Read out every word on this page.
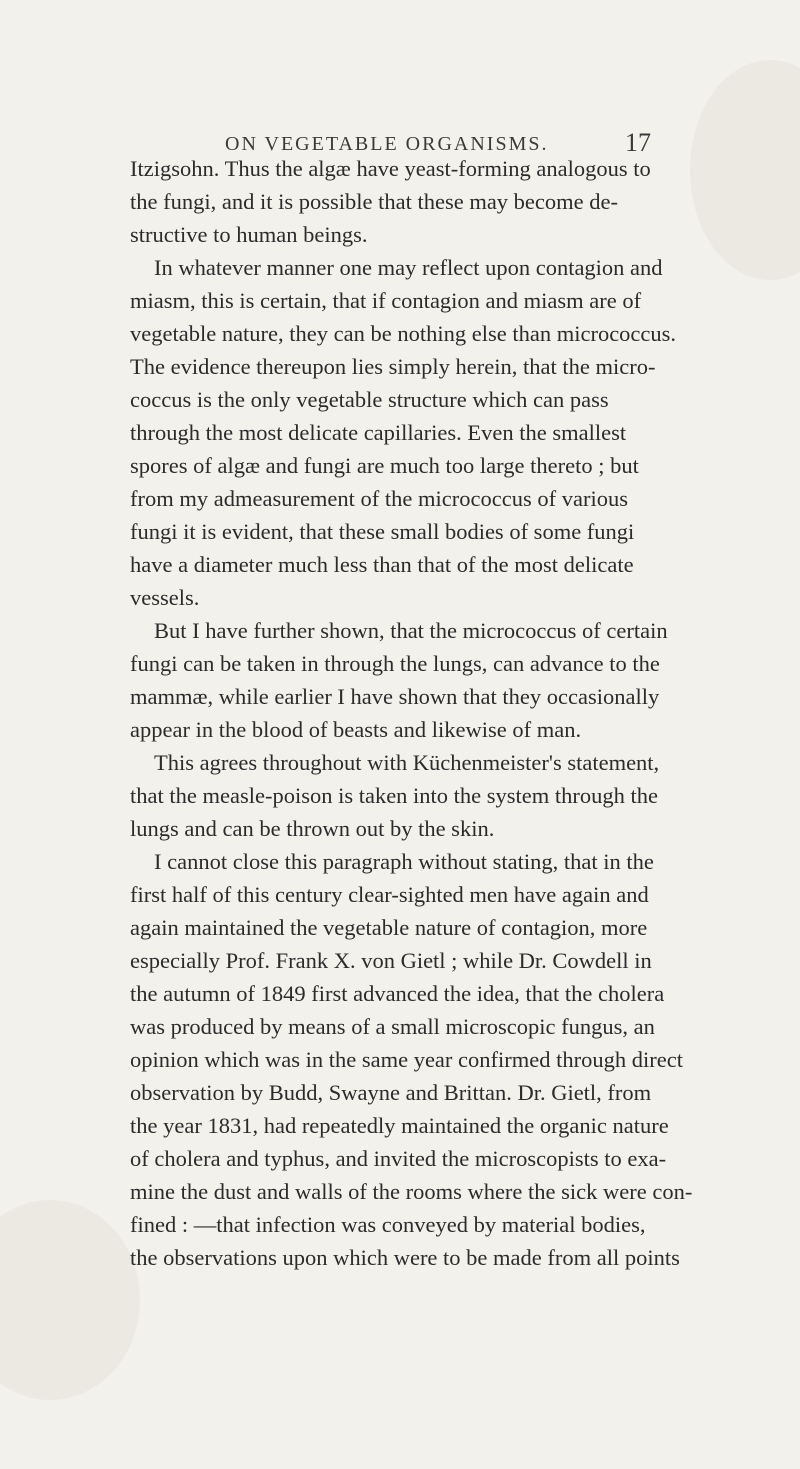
ON VEGETABLE ORGANISMS.	17
Itzigsohn. Thus the algæ have yeast-forming analogous to
the fungi, and it is possible that these may become de-
structive to human beings.
In whatever manner one may reflect upon contagion and
miasm, this is certain, that if contagion and miasm are of
vegetable nature, they can be nothing else than micrococcus.
The evidence thereupon lies simply herein, that the micro-
coccus is the only vegetable structure which can pass
through the most delicate capillaries. Even the smallest
spores of algæ and fungi are much too large thereto ; but
from my admeasurement of the micrococcus of various
fungi it is evident, that these small bodies of some fungi
have a diameter much less than that of the most delicate
vessels.
But I have further shown, that the micrococcus of certain
fungi can be taken in through the lungs, can advance to the
mammæ, while earlier I have shown that they occasionally
appear in the blood of beasts and likewise of man.
This agrees throughout with Küchenmeister's statement,
that the measle-poison is taken into the system through the
lungs and can be thrown out by the skin.
I cannot close this paragraph without stating, that in the
first half of this century clear-sighted men have again and
again maintained the vegetable nature of contagion, more
especially Prof. Frank X. von Gietl ; while Dr. Cowdell in
the autumn of 1849 first advanced the idea, that the cholera
was produced by means of a small microscopic fungus, an
opinion which was in the same year confirmed through direct
observation by Budd, Swayne and Brittan. Dr. Gietl, from
the year 1831, had repeatedly maintained the organic nature
of cholera and typhus, and invited the microscopists to exa-
mine the dust and walls of the rooms where the sick were con-
fined : —that infection was conveyed by material bodies,
the observations upon which were to be made from all points
